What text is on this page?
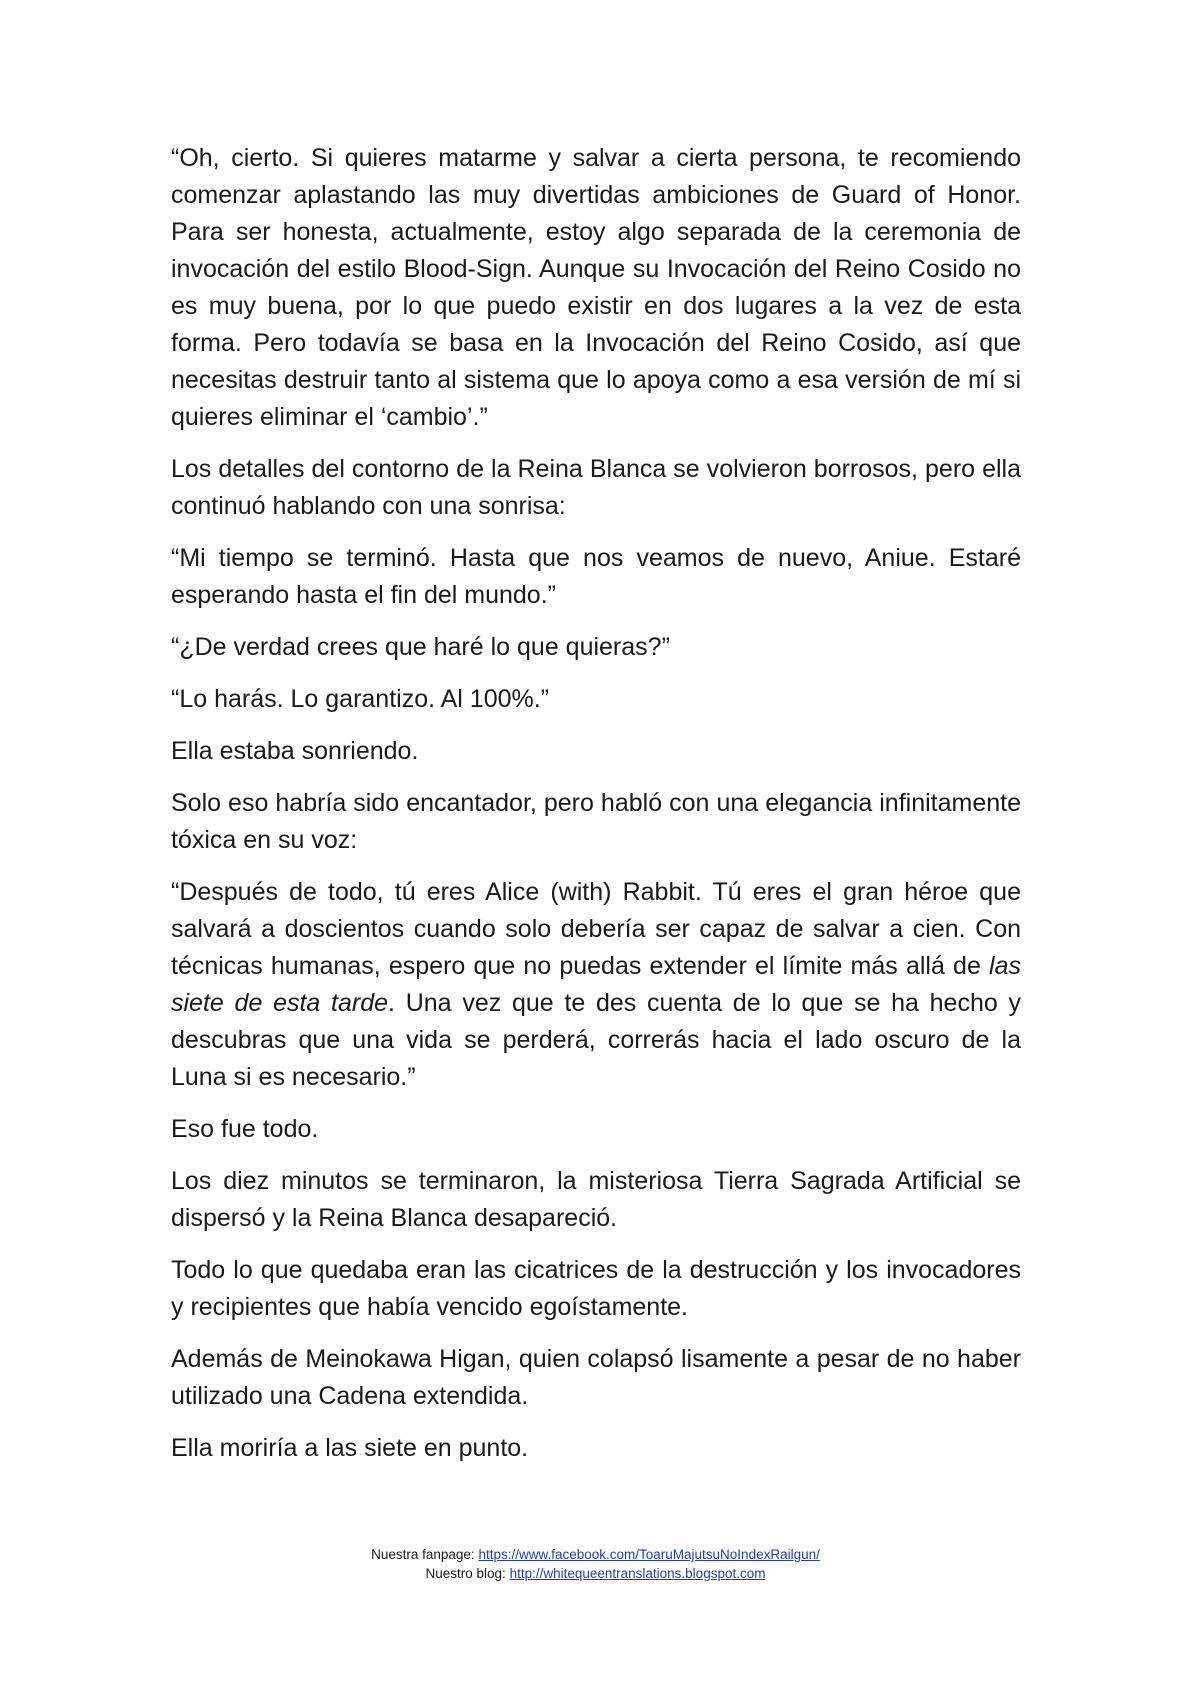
“Oh, cierto. Si quieres matarme y salvar a cierta persona, te recomiendo comenzar aplastando las muy divertidas ambiciones de Guard of Honor. Para ser honesta, actualmente, estoy algo separada de la ceremonia de invocación del estilo Blood-Sign. Aunque su Invocación del Reino Cosido no es muy buena, por lo que puedo existir en dos lugares a la vez de esta forma. Pero todavía se basa en la Invocación del Reino Cosido, así que necesitas destruir tanto al sistema que lo apoya como a esa versión de mí si quieres eliminar el ‘cambio’.”

Los detalles del contorno de la Reina Blanca se volvieron borrosos, pero ella continuó hablando con una sonrisa:

“Mi tiempo se terminó. Hasta que nos veamos de nuevo, Aniue. Estaré esperando hasta el fin del mundo.”

“¿De verdad crees que haré lo que quieras?”

“Lo harás. Lo garantizo. Al 100%.”

Ella estaba sonriendo.

Solo eso habría sido encantador, pero habló con una elegancia infinitamente tóxica en su voz:

“Después de todo, tú eres Alice (with) Rabbit. Tú eres el gran héroe que salvará a doscientos cuando solo debería ser capaz de salvar a cien. Con técnicas humanas, espero que no puedas extender el límite más allá de las siete de esta tarde. Una vez que te des cuenta de lo que se ha hecho y descubras que una vida se perderá, correrás hacia el lado oscuro de la Luna si es necesario.”

Eso fue todo.

Los diez minutos se terminaron, la misteriosa Tierra Sagrada Artificial se dispersó y la Reina Blanca desapareció.

Todo lo que quedaba eran las cicatrices de la destrucción y los invocadores y recipientes que había vencido egoístamente.

Además de Meinokawa Higan, quien colapsó lisamente a pesar de no haber utilizado una Cadena extendida.

Ella moriría a las siete en punto.

Nuestra fanpage: https://www.facebook.com/ToaruMajutsuNoIndexRailgun/
Nuestro blog: http://whitequeentranslations.blogspot.com
